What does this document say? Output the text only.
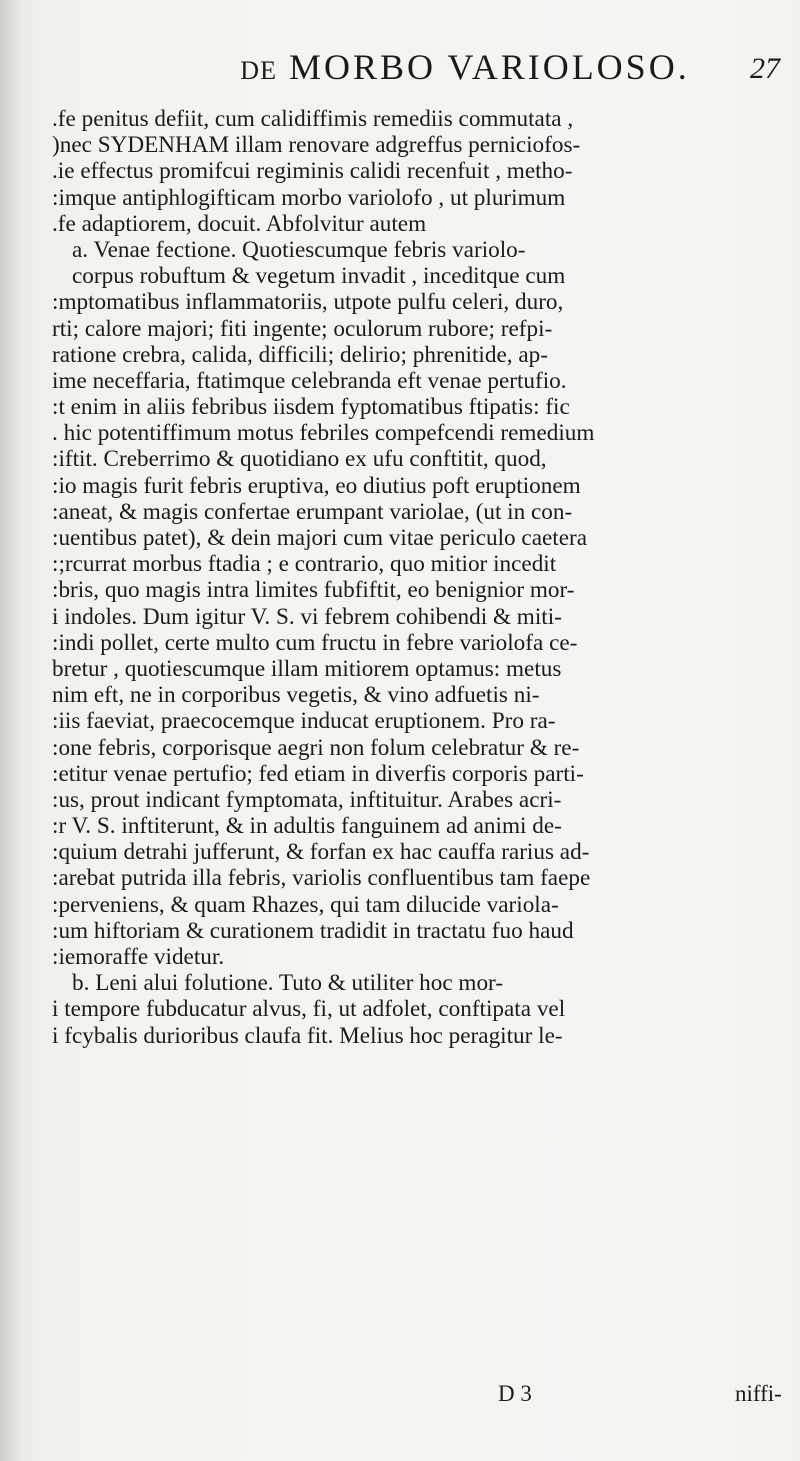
DE MORBO VARIOLOSO. 27
.fe penitus defiit, cum calidiffimis remediis commutata ,
)nec SYDENHAM illam renovare adgreffus perniciofos-
.ie effectus promifcui regiminis calidi recenfuit , metho-
:imque antiphlogifticam morbo variolofo , ut plurimum
.fe adaptiorem, docuit. Abfolvitur autem
a. Venae fectione. Quotiescumque febris variolo-
corpus robuftum & vegetum invadit , inceditque cum
:mptomatibus inflammatoriis, utpote pulfu celeri, duro,
rti; calore majori; fiti ingente; oculorum rubore; refpi-
ratione crebra, calida, difficili; delirio; phrenitide, ap-
ime neceffaria, ftatimque celebranda eft venae pertufio.
:t enim in aliis febribus iisdem fyptomatibus ftipatis: fic
. hic potentiffimum motus febriles compefcendi remedium
:iftit. Creberrimo & quotidiano ex ufu conftitit, quod,
:io magis furit febris eruptiva, eo diutius poft eruptionem
:aneat, & magis confertae erumpant variolae, (ut in con-
:uentibus patet), & dein majori cum vitae periculo caetera
:;rcurrat morbus ftadia ; e contrario, quo mitior incedit
:bris, quo magis intra limites fubfiftit, eo benignior mor-
i indoles. Dum igitur V. S. vi febrem cohibendi & miti-
:indi pollet, certe multo cum fructu in febre variolofa ce-
bretur , quotiescumque illam mitiorem optamus: metus
nim eft, ne in corporibus vegetis, & vino adfuetis ni-
:iis faeviat, praecocemque inducat eruptionem. Pro ra-
:one febris, corporisque aegri non folum celebratur & re-
:etitur venae pertufio; fed etiam in diverfis corporis parti-
:us, prout indicant fymptomata, inftituitur. Arabes acri-
:r V. S. inftiterunt, & in adultis fanguinem ad animi de-
:quium detrahi jufferunt, & forfan ex hac cauffa rarius ad-
:arebat putrida illa febris, variolis confluentibus tam faepe
:perveniens, & quam Rhazes, qui tam dilucide variola-
:um hiftoriam & curationem tradidit in tractatu fuo haud
:iemoraffe videtur.
b. Leni alui folutione. Tuto & utiliter hoc mor-
i tempore fubducatur alvus, fi, ut adfolet, conftipata vel
i fcybalis durioribus claufa fit. Melius hoc peragitur le-
D 3	niffi-
